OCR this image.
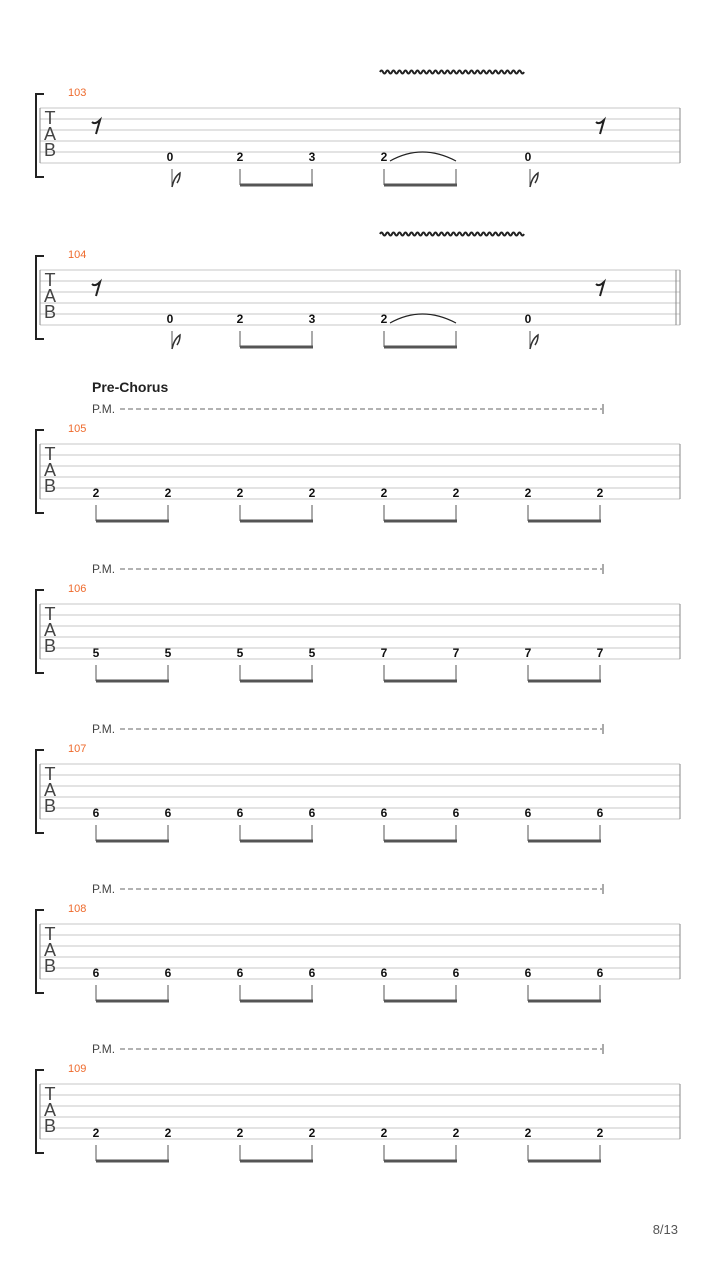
T
A
B
103
0	2	3	2	0
T
A
B
104
0	2	3	2	0
T
A
B
105
Pre-Chorus
P.M.
2	2	2	2	2	2	2	2
T
A
B
106
P.M.
5	5	5	5	7	7	7	7
T
A
B
107
P.M.
6	6	6	6	6	6	6	6
T
A
B
108
P.M.
6	6	6	6	6	6	6	6
T
A
B
109
P.M.
2	2	2	2	2	2	2	2
8/13
